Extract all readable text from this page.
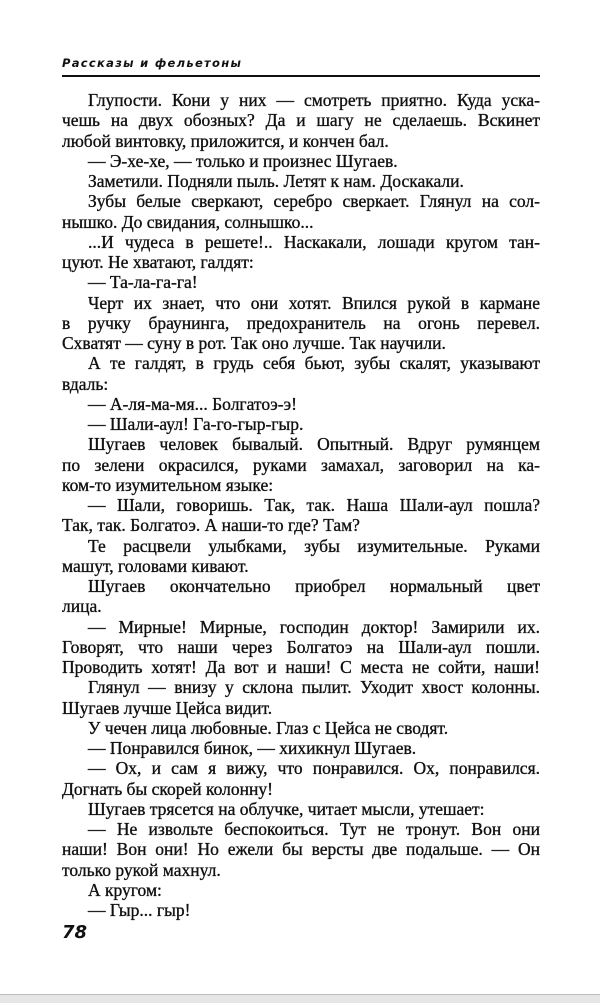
Рассказы и фельетоны
Глупости. Кони у них — смотреть приятно. Куда уска-
чешь на двух обозных? Да и шагу не сделаешь. Вскинет
любой винтовку, приложится, и кончен бал.
— Э-хе-хе, — только и произнес Шугаев.
Заметили. Подняли пыль. Летят к нам. Доскакали.
Зубы белые сверкают, серебро сверкает. Глянул на сол-
нышко. До свидания, солнышко...
...И чудеса в решете!.. Наскакали, лошади кругом тан-
цуют. Не хватают, галдят:
— Та-ла-га-га!
Черт их знает, что они хотят. Впился рукой в кармане
в ручку браунинга, предохранитель на огонь перевел.
Схватят — суну в рот. Так оно лучше. Так научили.
А те галдят, в грудь себя бьют, зубы скалят, указывают
вдаль:
— А-ля-ма-мя... Болгатоэ-э!
— Шали-аул! Га-го-гыр-гыр.
Шугаев человек бывалый. Опытный. Вдруг румянцем
по зелени окрасился, руками замахал, заговорил на ка-
ком-то изумительном языке:
— Шали, говоришь. Так, так. Наша Шали-аул пошла?
Так, так. Болгатоэ. А наши-то где? Там?
Те расцвели улыбками, зубы изумительные. Руками
машут, головами кивают.
Шугаев окончательно приобрел нормальный цвет
лица.
— Мирные! Мирные, господин доктор! Замирили их.
Говорят, что наши через Болгатоэ на Шали-аул пошли.
Проводить хотят! Да вот и наши! С места не сойти, наши!
Глянул — внизу у склона пылит. Уходит хвост колонны.
Шугаев лучше Цейса видит.
У чечен лица любовные. Глаз с Цейса не сводят.
— Понравился бинок, — хихикнул Шугаев.
— Ох, и сам я вижу, что понравился. Ох, понравился.
Догнать бы скорей колонну!
Шугаев трясется на облучке, читает мысли, утешает:
— Не извольте беспокоиться. Тут не тронут. Вон они
наши! Вон они! Но ежели бы версты две подальше. — Он
только рукой махнул.
А кругом:
— Гыр... гыр!
78
